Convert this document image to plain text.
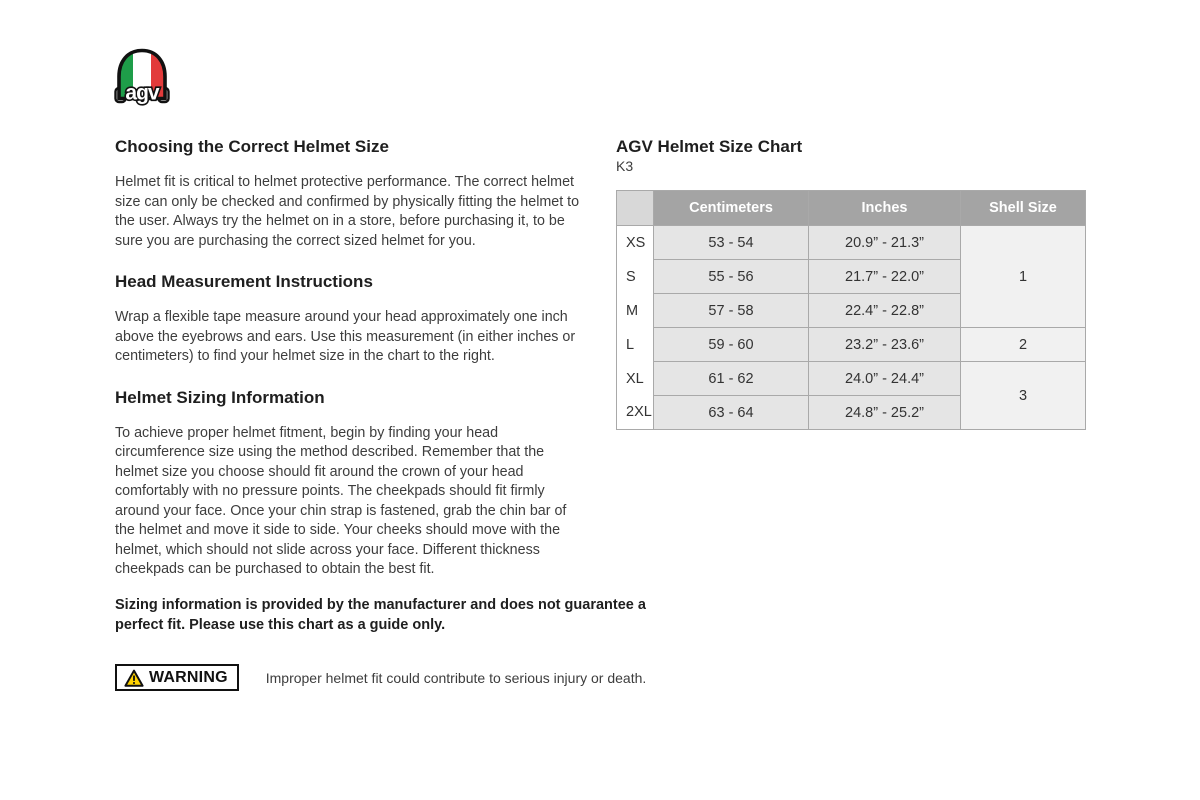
agv
Choosing the Correct Helmet Size

Helmet fit is critical to helmet protective performance. The correct helmet size can only be checked and confirmed by physically fitting the helmet to the user. Always try the helmet on in a store, before purchasing it, to be sure you are purchasing the correct sized helmet for you.

Head Measurement Instructions

Wrap a flexible tape measure around your head approximately one inch above the eyebrows and ears. Use this measurement (in either inches or centimeters) to find your helmet size in the chart to the right.

Helmet Sizing Information

To achieve proper helmet fitment, begin by finding your head circumference size using the method described. Remember that the helmet size you choose should fit around the crown of your head comfortably with no pressure points. The cheekpads should fit firmly around your face. Once your chin strap is fastened, grab the chin bar of the helmet and move it side to side. Your cheeks should move with the helmet, which should not slide across your face. Different thickness cheekpads can be purchased to obtain the best fit.

Sizing information is provided by the manufacturer and does not guarantee a perfect fit. Please use this chart as a guide only.

WARNING	Improper helmet fit could contribute to serious injury or death.
AGV Helmet Size Chart
K3
	Centimeters	Inches	Shell Size
XS	53 - 54	20.9” - 21.3”	1
S	55 - 56	21.7” - 22.0”	
M	57 - 58	22.4” - 22.8”	
L	59 - 60	23.2” - 23.6”	2
XL	61 - 62	24.0” - 24.4”	3
2XL	63 - 64	24.8” - 25.2”	
